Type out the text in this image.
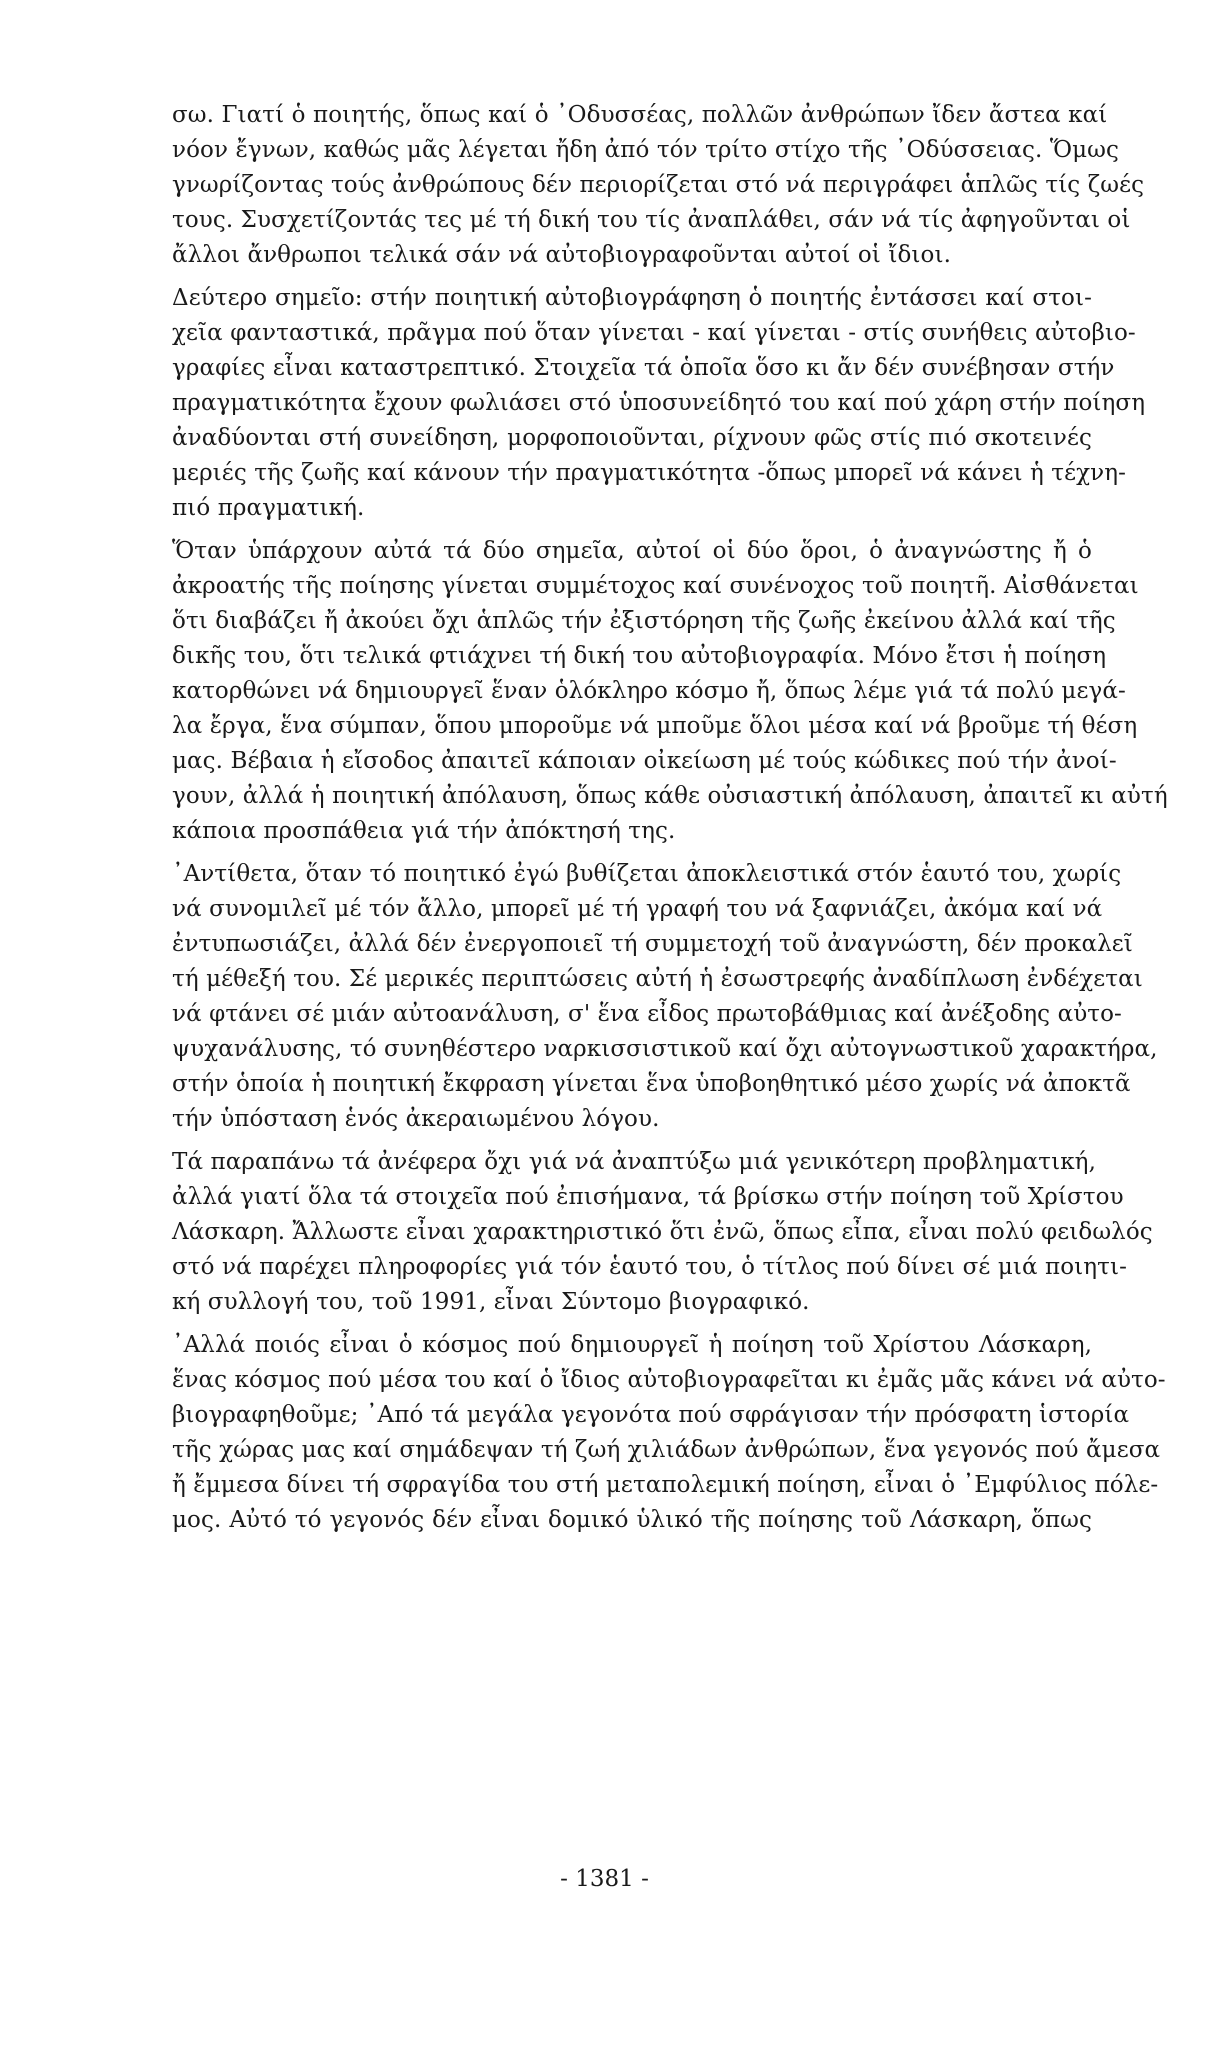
σω. Γιατί ὁ ποιητής, ὅπως καί ὁ ᾿Οδυσσέας, πολλῶν ἀνθρώπων ἴδεν ἄστεα καί
νόον ἔγνων, καθώς μᾶς λέγεται ἤδη ἀπό τόν τρίτο στίχο τῆς ᾿Οδύσσειας. Ὅμως
γνωρίζοντας τούς ἀνθρώπους δέν περιορίζεται στό νά περιγράφει ἁπλῶς τίς ζωές
τους. Συσχετίζοντάς τες μέ τή δική του τίς ἀναπλάθει, σάν νά τίς ἀφηγοῦνται οἱ
ἄλλοι ἄνθρωποι τελικά σάν νά αὐτοβιογραφοῦνται αὐτοί οἱ ἴδιοι.
Δεύτερο σημεῖο: στήν ποιητική αὐτοβιογράφηση ὁ ποιητής ἐντάσσει καί στοι-
χεῖα φανταστικά, πρᾶγμα πού ὅταν γίνεται - καί γίνεται - στίς συνήθεις αὐτοβιο-
γραφίες εἶναι καταστρεπτικό. Στοιχεῖα τά ὁποῖα ὅσο κι ἄν δέν συνέβησαν στήν
πραγματικότητα ἔχουν φωλιάσει στό ὑποσυνείδητό του καί πού χάρη στήν ποίηση
ἀναδύονται στή συνείδηση, μορφοποιοῦνται, ρίχνουν φῶς στίς πιό σκοτεινές
μεριές τῆς ζωῆς καί κάνουν τήν πραγματικότητα -ὅπως μπορεῖ νά κάνει ἡ τέχνη-
πιό πραγματική.
Ὅταν ὑπάρχουν αὐτά τά δύο σημεῖα, αὐτοί οἱ δύο ὅροι, ὁ ἀναγνώστης ἤ ὁ
ἀκροατής τῆς ποίησης γίνεται συμμέτοχος καί συνένοχος τοῦ ποιητῆ. Αἰσθάνεται
ὅτι διαβάζει ἤ ἀκούει ὄχι ἁπλῶς τήν ἐξιστόρηση τῆς ζωῆς ἐκείνου ἀλλά καί τῆς
δικῆς του, ὅτι τελικά φτιάχνει τή δική του αὐτοβιογραφία. Μόνο ἔτσι ἡ ποίηση
κατορθώνει νά δημιουργεῖ ἕναν ὁλόκληρο κόσμο ἤ, ὅπως λέμε γιά τά πολύ μεγά-
λα ἔργα, ἕνα σύμπαν, ὅπου μποροῦμε νά μποῦμε ὅλοι μέσα καί νά βροῦμε τή θέση
μας. Βέβαια ἡ εἴσοδος ἀπαιτεῖ κάποιαν οἰκείωση μέ τούς κώδικες πού τήν ἀνοί-
γουν, ἀλλά ἡ ποιητική ἀπόλαυση, ὅπως κάθε οὐσιαστική ἀπόλαυση, ἀπαιτεῖ κι αὐτή
κάποια προσπάθεια γιά τήν ἀπόκτησή της.
᾿Αντίθετα, ὅταν τό ποιητικό ἐγώ βυθίζεται ἀποκλειστικά στόν ἑαυτό του, χωρίς
νά συνομιλεῖ μέ τόν ἄλλο, μπορεῖ μέ τή γραφή του νά ξαφνιάζει, ἀκόμα καί νά
ἐντυπωσιάζει, ἀλλά δέν ἐνεργοποιεῖ τή συμμετοχή τοῦ ἀναγνώστη, δέν προκαλεῖ
τή μέθεξή του. Σέ μερικές περιπτώσεις αὐτή ἡ ἐσωστρεφής ἀναδίπλωση ἐνδέχεται
νά φτάνει σέ μιάν αὐτοανάλυση, σ' ἕνα εἶδος πρωτοβάθμιας καί ἀνέξοδης αὐτο-
ψυχανάλυσης, τό συνηθέστερο ναρκισσιστικοῦ καί ὄχι αὐτογνωστικοῦ χαρακτήρα,
στήν ὁποία ἡ ποιητική ἔκφραση γίνεται ἕνα ὑποβοηθητικό μέσο χωρίς νά ἀποκτᾶ
τήν ὑπόσταση ἑνός ἀκεραιωμένου λόγου.
Τά παραπάνω τά ἀνέφερα ὄχι γιά νά ἀναπτύξω μιά γενικότερη προβληματική,
ἀλλά γιατί ὅλα τά στοιχεῖα πού ἐπισήμανα, τά βρίσκω στήν ποίηση τοῦ Χρίστου
Λάσκαρη. Ἄλλωστε εἶναι χαρακτηριστικό ὅτι ἐνῶ, ὅπως εἶπα, εἶναι πολύ φειδωλός
στό νά παρέχει πληροφορίες γιά τόν ἑαυτό του, ὁ τίτλος πού δίνει σέ μιά ποιητι-
κή συλλογή του, τοῦ 1991, εἶναι Σύντομο βιογραφικό.
᾿Αλλά ποιός εἶναι ὁ κόσμος πού δημιουργεῖ ἡ ποίηση τοῦ Χρίστου Λάσκαρη,
ἕνας κόσμος πού μέσα του καί ὁ ἴδιος αὐτοβιογραφεῖται κι ἐμᾶς μᾶς κάνει νά αὐτο-
βιογραφηθοῦμε; ᾿Από τά μεγάλα γεγονότα πού σφράγισαν τήν πρόσφατη ἱστορία
τῆς χώρας μας καί σημάδεψαν τή ζωή χιλιάδων ἀνθρώπων, ἕνα γεγονός πού ἄμεσα
ἤ ἔμμεσα δίνει τή σφραγίδα του στή μεταπολεμική ποίηση, εἶναι ὁ ᾿Εμφύλιος πόλε-
μος. Αὐτό τό γεγονός δέν εἶναι δομικό ὑλικό τῆς ποίησης τοῦ Λάσκαρη, ὅπως
- 1381 -
